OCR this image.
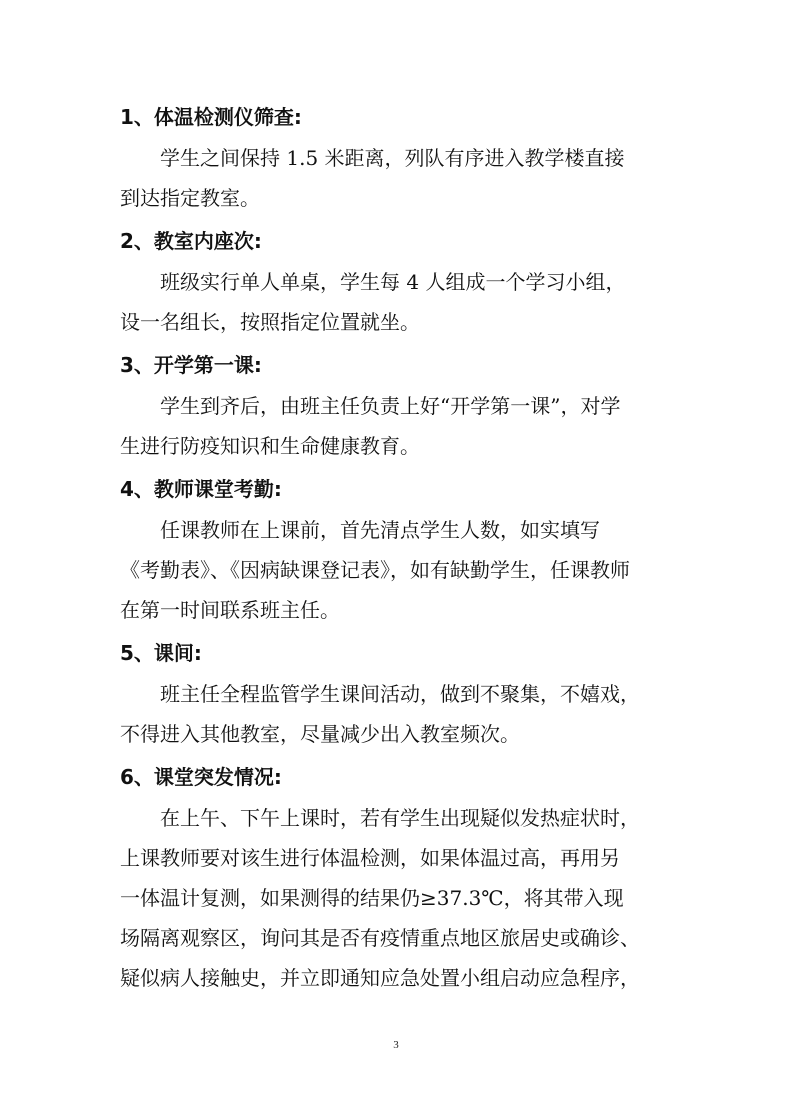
1、体温检测仪筛查:
学生之间保持 1.5 米距离，列队有序进入教学楼直接
到达指定教室。
2、教室内座次:
班级实行单人单桌，学生每 4 人组成一个学习小组，
设一名组长，按照指定位置就坐。
3、开学第一课:
学生到齐后，由班主任负责上好“开学第一课”，对学
生进行防疫知识和生命健康教育。
4、教师课堂考勤:
任课教师在上课前，首先清点学生人数，如实填写
《考勤表》、《因病缺课登记表》，如有缺勤学生，任课教师
在第一时间联系班主任。
5、课间:
班主任全程监管学生课间活动，做到不聚集，不嬉戏，
不得进入其他教室，尽量减少出入教室频次。
6、课堂突发情况:
在上午、下午上课时，若有学生出现疑似发热症状时，
上课教师要对该生进行体温检测，如果体温过高，再用另
一体温计复测，如果测得的结果仍≥37.3℃，将其带入现
场隔离观察区，询问其是否有疫情重点地区旅居史或确诊、
疑似病人接触史，并立即通知应急处置小组启动应急程序，
3
